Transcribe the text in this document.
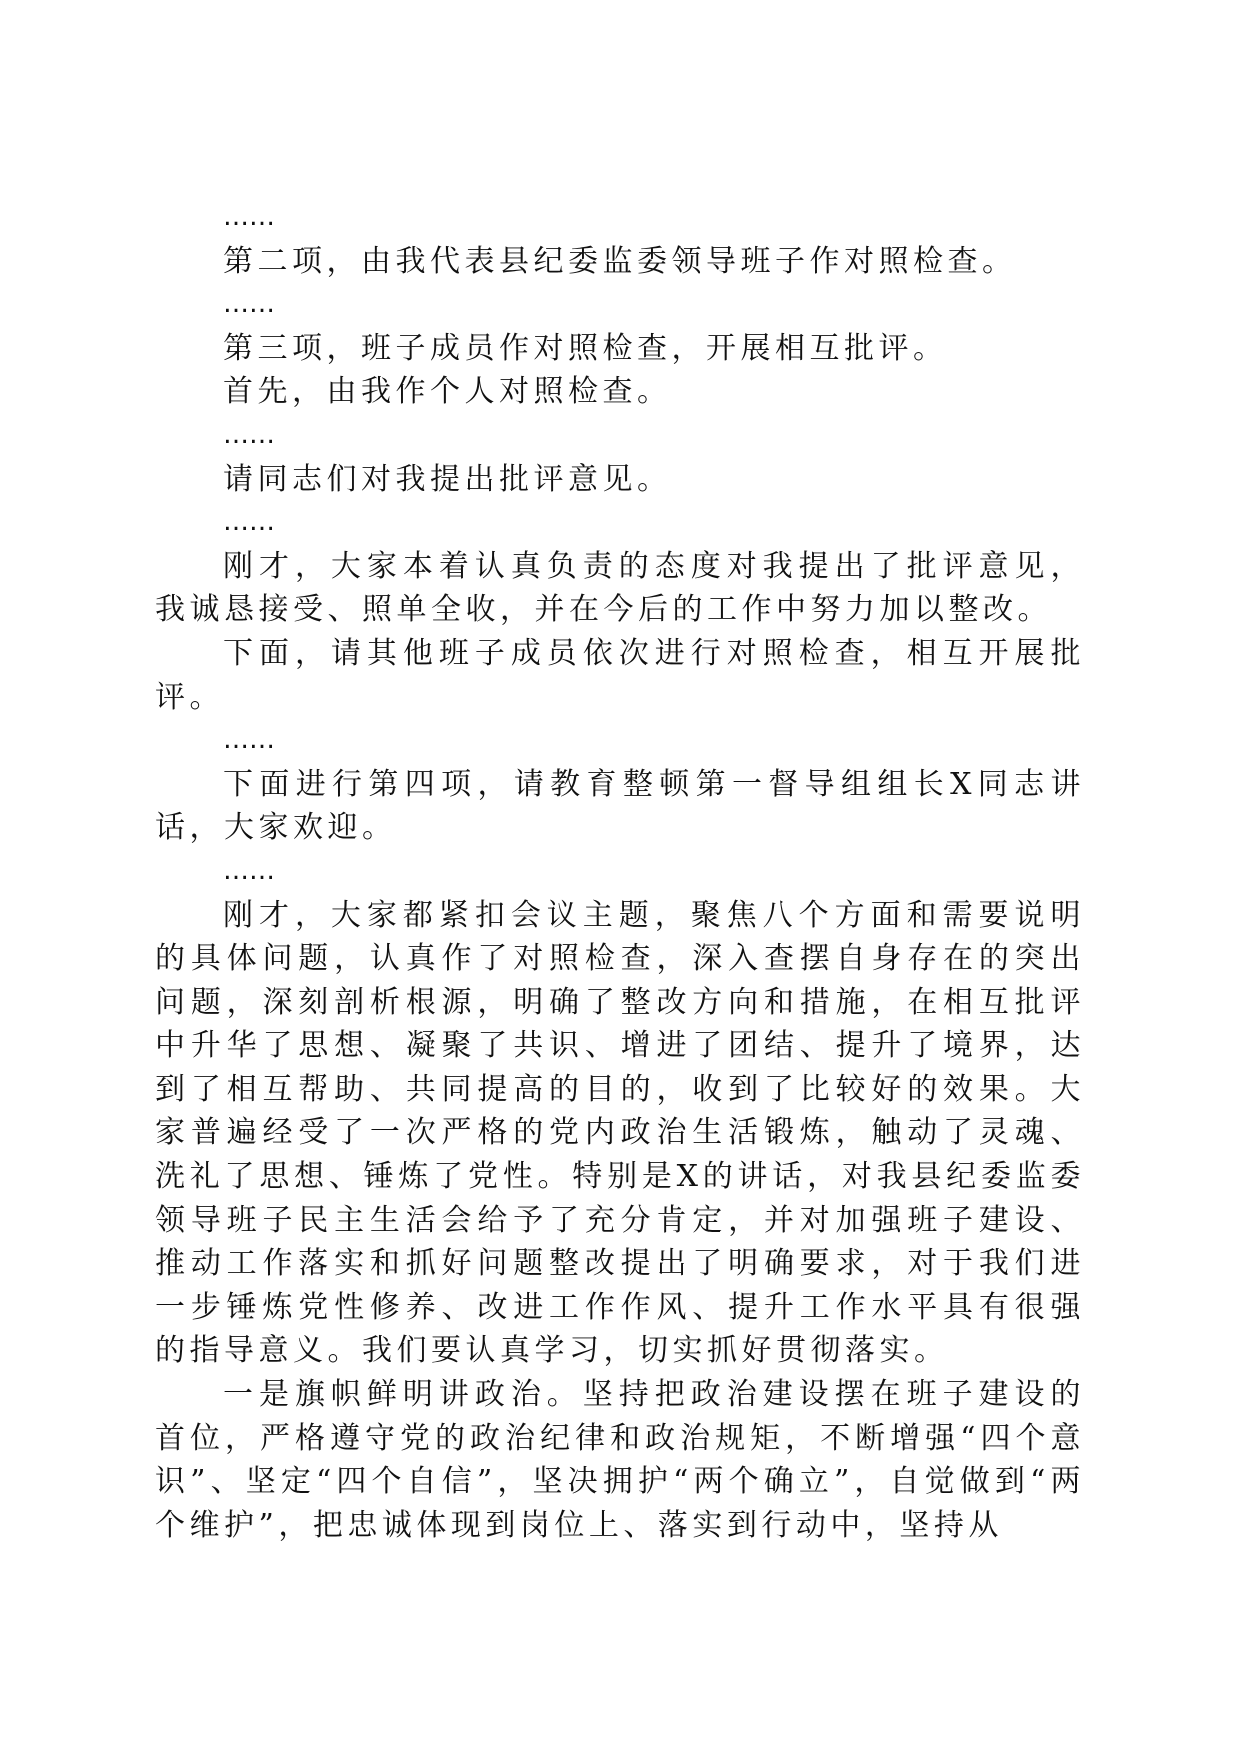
……

第二项，由我代表县纪委监委领导班子作对照检查。

……

第三项，班子成员作对照检查，开展相互批评。

首先，由我作个人对照检查。

……

请同志们对我提出批评意见。

……

刚才，大家本着认真负责的态度对我提出了批评意见，我诚恳接受、照单全收，并在今后的工作中努力加以整改。

下面，请其他班子成员依次进行对照检查，相互开展批评。

……

下面进行第四项，请教育整顿第一督导组组长X同志讲话，大家欢迎。

……

刚才，大家都紧扣会议主题，聚焦八个方面和需要说明的具体问题，认真作了对照检查，深入查摆自身存在的突出问题，深刻剖析根源，明确了整改方向和措施，在相互批评中升华了思想、凝聚了共识、增进了团结、提升了境界，达到了相互帮助、共同提高的目的，收到了比较好的效果。大家普遍经受了一次严格的党内政治生活锻炼，触动了灵魂、洗礼了思想、锤炼了党性。特别是X的讲话，对我县纪委监委领导班子民主生活会给予了充分肯定，并对加强班子建设、推动工作落实和抓好问题整改提出了明确要求，对于我们进一步锤炼党性修养、改进工作作风、提升工作水平具有很强的指导意义。我们要认真学习，切实抓好贯彻落实。

一是旗帜鲜明讲政治。坚持把政治建设摆在班子建设的首位，严格遵守党的政治纪律和政治规矩，不断增强“四个意识”、坚定“四个自信”，坚决拥护“两个确立”，自觉做到“两个维护”，把忠诚体现到岗位上、落实到行动中，坚持从
